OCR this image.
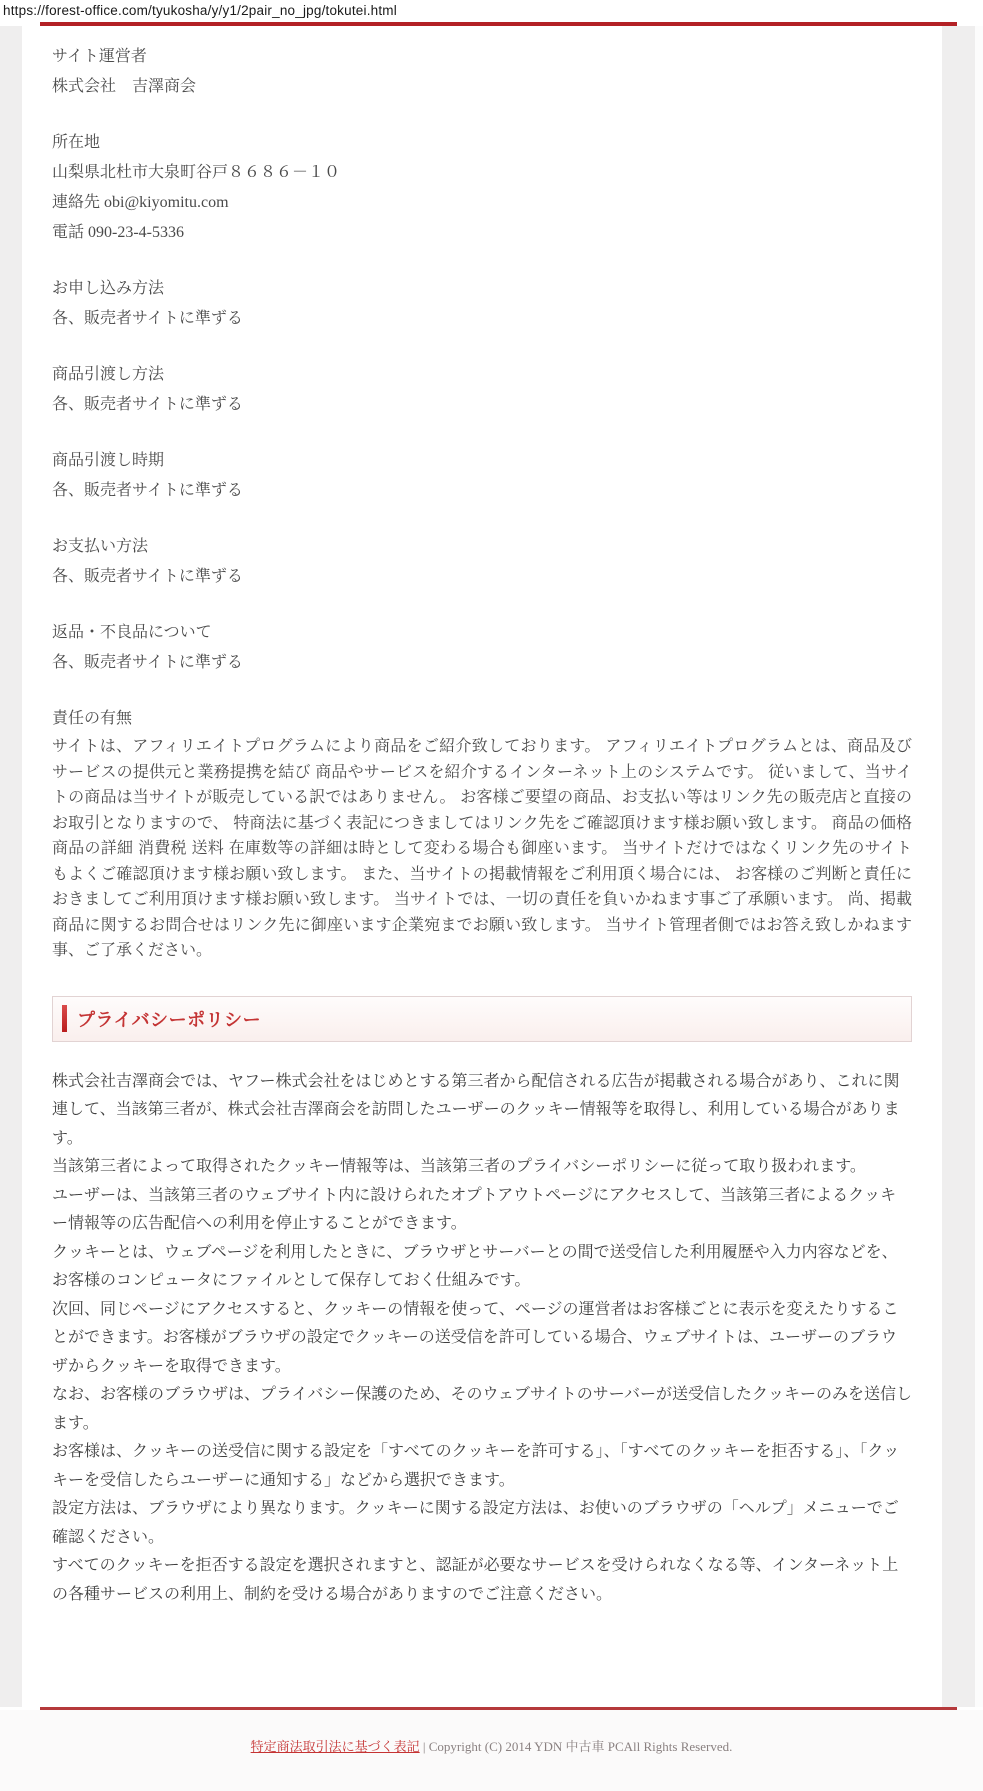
https://forest-office.com/tyukosha/y/y1/2pair_no_jpg/tokutei.html
サイト運営者
株式会社　吉澤商会
所在地
山梨県北杜市大泉町谷戸８６８６－１０
連絡先 obi@kiyomitu.com
電話 090-23-4-5336
お申し込み方法
各、販売者サイトに準ずる
商品引渡し方法
各、販売者サイトに準ずる
商品引渡し時期
各、販売者サイトに準ずる
お支払い方法
各、販売者サイトに準ずる
返品・不良品について
各、販売者サイトに準ずる
責任の有無
サイトは、アフィリエイトプログラムにより商品をご紹介致しております。 アフィリエイトプログラムとは、商品及びサービスの提供元と業務提携を結び 商品やサービスを紹介するインターネット上のシステムです。 従いまして、当サイトの商品は当サイトが販売している訳ではありません。 お客様ご要望の商品、お支払い等はリンク先の販売店と直接のお取引となりますので、 特商法に基づく表記につきましてはリンク先をご確認頂けます様お願い致します。 商品の価格 商品の詳細 消費税 送料 在庫数等の詳細は時として変わる場合も御座います。 当サイトだけではなくリンク先のサイトもよくご確認頂けます様お願い致します。 また、当サイトの掲載情報をご利用頂く場合には、 お客様のご判断と責任におきましてご利用頂けます様お願い致します。 当サイトでは、一切の責任を負いかねます事ご了承願います。 尚、掲載商品に関するお問合せはリンク先に御座います企業宛までお願い致します。 当サイト管理者側ではお答え致しかねます事、ご了承ください。
プライバシーポリシー
株式会社吉澤商会では、ヤフー株式会社をはじめとする第三者から配信される広告が掲載される場合があり、これに関連して、当該第三者が、株式会社吉澤商会を訪問したユーザーのクッキー情報等を取得し、利用している場合があります。
当該第三者によって取得されたクッキー情報等は、当該第三者のプライバシーポリシーに従って取り扱われます。
ユーザーは、当該第三者のウェブサイト内に設けられたオプトアウトページにアクセスして、当該第三者によるクッキー情報等の広告配信への利用を停止することができます。
クッキーとは、ウェブページを利用したときに、ブラウザとサーバーとの間で送受信した利用履歴や入力内容などを、お客様のコンピュータにファイルとして保存しておく仕組みです。
次回、同じページにアクセスすると、クッキーの情報を使って、ページの運営者はお客様ごとに表示を変えたりすることができます。お客様がブラウザの設定でクッキーの送受信を許可している場合、ウェブサイトは、ユーザーのブラウザからクッキーを取得できます。
なお、お客様のブラウザは、プライバシー保護のため、そのウェブサイトのサーバーが送受信したクッキーのみを送信します。
お客様は、クッキーの送受信に関する設定を「すべてのクッキーを許可する」、「すべてのクッキーを拒否する」、「クッキーを受信したらユーザーに通知する」などから選択できます。
設定方法は、ブラウザにより異なります。クッキーに関する設定方法は、お使いのブラウザの「ヘルプ」メニューでご確認ください。
すべてのクッキーを拒否する設定を選択されますと、認証が必要なサービスを受けられなくなる等、インターネット上の各種サービスの利用上、制約を受ける場合がありますのでご注意ください。
特定商法取引法に基づく表記 | Copyright (C) 2014 YDN 中古車 PCAll Rights Reserved.
